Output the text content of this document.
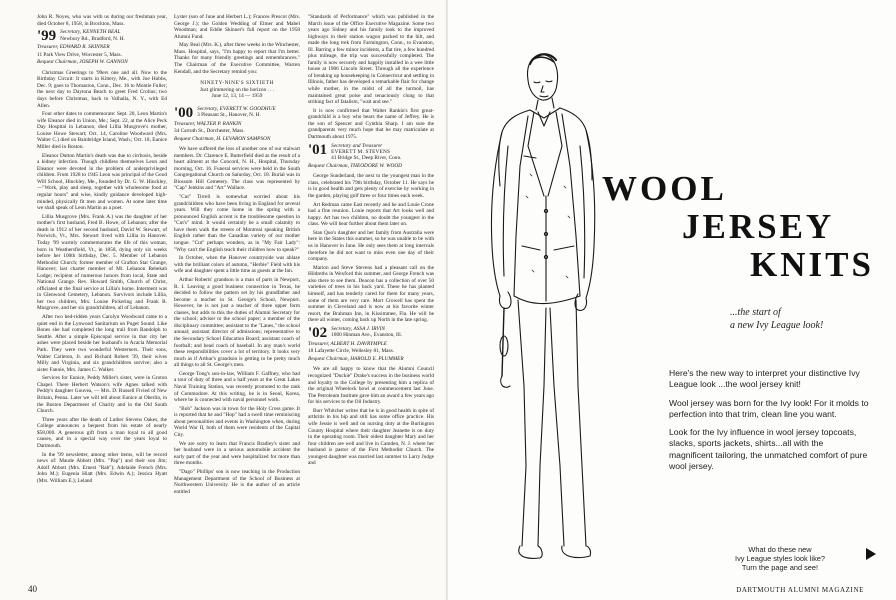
John R. Noyes, who was with us during our freshman year, died October 8, 1958, in Brockton, Mass.

'99 Secretary, KENNETH BEAL
Newbury Rd., Bradford, N. H.
Treasurer, EDWARD R. SKINNER
11 Park View Drive, Worcester 5, Mass.
Bequest Chairman, JOSEPH W. GANNON

Christmas Greetings to '99ers one and all. Now to the Birthday Circuit: It starts in Kittery, Me., with Joe Hobbs, Dec. 9; goes to Thomaston, Conn., Dec. 16 to Montie Fuller; the next day to Daytona Beach to greet Fred Crolius; two days before Christmas, back to Valhalla, N. Y., with Ed Allen.

Four other dates to commemorate: Sept. 20, Leon Martin's wife Eleanor died in Union, Me.; Sept. 22, at the Alice Peck Day Hospital in Lebanon, died Lillia Musgrove's mother, Louise Howe Stewart; Oct. 14, Caroline Woodward (Mrs. Walter C.) died on Bainbridge Island, Wash.; Oct. 18, Eunice Miller died in Boston.

Eleanor Dutton Martin's death was due to cirrhosis, beside a kidney infection. Though childless themselves Leon and Eleanor were devoted in the problem of underprivileged children. From 1928 to 1945 Leon was principal of the Good Will School, Hinckley, Me., founded by Dr. G. W. Hinckley, —"Work, play and sleep, together with wholesome food at regular hours" and wise, kindly guidance developed high-minded, physically fit men and women. At some later time we shall speak of Leon Martin as a poet.

Lillia Musgrove (Mrs. Frank A.) was the daughter of her mother's first husband, Fred B. Howe, of Lebanon; after the death in 1912 of her second husband, David W. Stewart, of Norwich, Vt., Mrs. Stewart lived with Lillia in Hanover. Today '99 warmly commemorates the life of this woman, born in Weathersfield, Vt., in 1858, dying only six weeks before her 100th birthday, Dec. 5. Member of Lebanon Methodist Church; former member of Grafton Star Grange, Hanover; last charter member of Mt. Lebanon Rebekah Lodge; recipient of numerous honors from local, State and National Grange. Rev. Howard Smith, Church of Christ, officiated at the final service at Lillia's home. Interment was in Glenwood Cemetery, Lebanon. Survivors include Lillia, her two children, Mrs. Louise Pickering and Frank R. Musgrove, and her six grandchildren, all of Lebanon.

After two bed-ridden years Carolyn Woodward came to a quiet end in the Lynwood Sanitarium on Puget Sound. Like Bones she had completed the long trail from Randolph to Seattle. After a simple Episcopal service in that city her ashes were placed beside her husband's in Acacia Memorial Park. They were two wonderful Westerners. Their sons, Walter Carleton, Jr. and Richard Robert '39, their wives Milly and Virginia, and six grandchildren survive; also a sister Fannie, Mrs. James C. Walker.

Services for Eunice, Peddy Miller's sister, were in Groton Chapel. There Herbert Watson's wife Agnes talked with Peddy's daughter Gouvea, — Mrs. D. Russell Fivied of New Britain, Penna. Later we will tell about Eunice at Oberlin, in the Boston Department of Charity and in the Old South Church.

Three years after the death of Luther Stevens Oakes, the College announces a bequest from his estate of nearly $58,000. A generous gift from a man loyal to all good causes, and in a special way over the years loyal to Dartmouth.

In the '99 newsletter, among other items, will be record news of: Maude Abbott (Mrs. "Pap") and their son Jim; Adolf Abbott (Mrs. Ernest "Rab"); Adelaide French (Mrs. John M.); Eugenia Hiatt (Mrs. Edwin A.); Jessica Hyatt (Mrs. William E.); Leland

Lyster (son of June and Herbert L.); Frances Prescot (Mrs. George J.); the Golden Wedding of Elmer and Mabel Woodman; and Eddie Skinner's full report on the 1958 Alumni Fund.

May Beal (Mrs. K.), after three weeks in the Winchester, Mass. Hospital, says, "I'm happy to report that I'm better. Thanks for many friendly greetings and remembrances." The Chairman of the Executive Committee, Warren Kendall, and the Secretary remind you:

NINETY-NINE'S SIXTIETH
Just glimmering on the horizon . . .
June 12, 13, 14 — 1959
'00 Secretary, EVERETT W. GOODHUE
3 Pleasant St., Hanover, N. H.
Treasurer, WALTER P. RANKIN
34 Carruth St., Dorchester, Mass.
Bequest Chairman, H. LEVARON SAMPSON

We have suffered the loss of another one of our stalwart members. Dr. Clarence E. Butterfield died as the result of a heart ailment at the Concord, N. H., Hospital, Thursday morning, Oct. 16. Funeral services were held in the South Congregational Church on Saturday, Oct. 18. Burial was in Blossom Hill Cemetery. The class was represented by "Cap" Jenkins and "Art" Wallace.

"Cut" Tirrell is somewhat worried about his grandchildren who have been living in England for several years. Will they come home in the spring with a pronounced English accent is the troublesome question in "Cut's" mind. It would certainly be a small calamity to have them walk the streets of Montreal speaking British English rather than the Canadian variety of our mother tongue. "Cut" perhaps wonders, as in "My Fair Lady": "Why can't the English teach their children how to speak?"

In October, when the Hanover countryside was ablaze with the brilliant colors of autumn, "Herbie" Field with his wife and daughter spent a little time as guests at the Inn.

Arthur Roberts' grandson is a man of parts in Newport, R. I. Leaving a good business connection in Texas, he decided to follow the pattern set by his grandfather and become a teacher in St. George's School, Newport. However, he is not just a teacher of three upper form classes, but adds to this the duties of Alumni Secretary for the school; adviser to the school paper; a member of the disciplinary committee; assistant to the "Lanes," the school annual; assistant director of admissions; representative to the Secondary School Education Board; assistant coach of football; and head coach of baseball. In any man's world these responsibilities cover a lot of territory. It looks very much as if Arthur's grandson is getting to be pretty much all things to all St. George's men.

George Tong's son-in-law, William F. Gaffney, who had a tour of duty of three and a half years at the Great Lakes Naval Training Station, was recently promoted to the rank of Commodore. At this writing, he is in Seoul, Korea, where he is connected with naval personnel work.

"Bob" Jackson was in town for the Holy Cross game. It is reported that he and "Hop" had a swell time reminiscing about personalities and events in Washington when, during World War II, both of them were residents of the Capital City.

We are sorry to learn that Francis Bradley's sister and her husband were in a serious automobile accident the early part of the year and were hospitalized for more than three months.

"Dago" Phillips' son is now teaching in the Production Management Department of the School of Business at Northwestern University. He is the author of an article entitled

"Standards of Performance" which was published in the March issue of the Office Executive Magazine. Some two years ago Sidney and his family took to the improved highways in their station wagon packed to the hilt, and made the long trek from Farmington, Conn., to Evanston, Ill. Barring a few minor incidents, a flat tire, a few hundred plus mileage, the trip was successfully completed. The family is now securely and happily installed in a wee little house at 1906 Lincoln Street. Through all the experience of breaking up housekeeping in Connecticut and settling in Illinois, father has developed a remarkable flair for change while mother, in the midst of all the turmoil, has maintained great poise and tenaciously clung to that striking fact of fatalism, "wait and see."

It is now confirmed that Walter Rankin's first great-grandchild is a boy who bears the name of Jeffrey. He is the son of Spencer and Cynthia Sharp. I am sure the grandparents very much hope that he may matriculate at Dartmouth about 1975.

'01 Secretary and Treasurer
EVERETT M. STEVENS
41 Bridge St., Deep River, Conn.
Bequest Chairman, THEODORE W. WOOD

George Sunderland, the next to the youngest man in the class, celebrated his 79th birthday, October 11. He says he is in good health and gets plenty of exercise by working in the garden, playing golf three or four times each week.

Art Redman came East recently and he and Louie Crone had a fine reunion. Louie reports that Art looks well and happy. Art has two children, no doubt the youngest in the class. We will hear further about them later on.

Stan Quo's daughter and her family from Australia were here in the States this summer, so he was unable to be with us in Hanover in June. He only sees them at long intervals therefore he did not want to miss even one day of their company.

Marion and Steve Stevens had a pleasant call on the Hildreths in Wexford this summer, and George French was also there to see them. Deacon has a collection of over 50 varieties of trees in his back yard. These he has planted himself, and has tenderly cared for them for many years, some of them are very rare. Mort Crowell has spent the summer in Cleveland and is now at his favorite winter resort, the Brahman Inn, in Kissimmee, Fla. He will be there all winter, coming back up North in the late spring.

'02 Secretary, ASSA J. IRVIN
1800 Hinman Ave., Evanston, Ill.
Treasurer, ALBERT H. DAVRYMPLE
18 Lafayette Circle, Wellesley 81, Mass.
Bequest Chairman, HAROLD E. PLUMMER

We are all happy to know that the Alumni Council recognized "Duckie" Drake's success in the business world and loyalty to the College by presenting him a replica of the original Wheelock bowl at commencement last June. The Petroleum Institute gave him an award a few years ago for his services to the Oil Industry.

Burr Whitcher writes that he is in good health in spite of arthritis in his hip and still has some office practice. His wife Jessie is well and on nursing duty at the Burlington County Hospital where their daughter Jeanette is on duty in the operating room. Their oldest daughter Mary and her four children are well and live in Camden, N. J. where her husband is pastor of the First Methodist Church. The youngest daughter was married last summer to Larry Judge and

40
WOOL
JERSEY
KNITS
...the start of
a new Ivy League look!

Here's the new way to interpret your distinctive Ivy League look ...the wool jersey knit!

Wool jersey was born for the Ivy look! For it molds to perfection into that trim, clean line you want.

Look for the Ivy influence in wool jersey topcoats, slacks, sports jackets, shirts...all with the magnificent tailoring, the unmatched comfort of pure wool jersey.

What do these new
Ivy League styles look like?
Turn the page and see!
DARTMOUTH ALUMNI MAGAZINE
